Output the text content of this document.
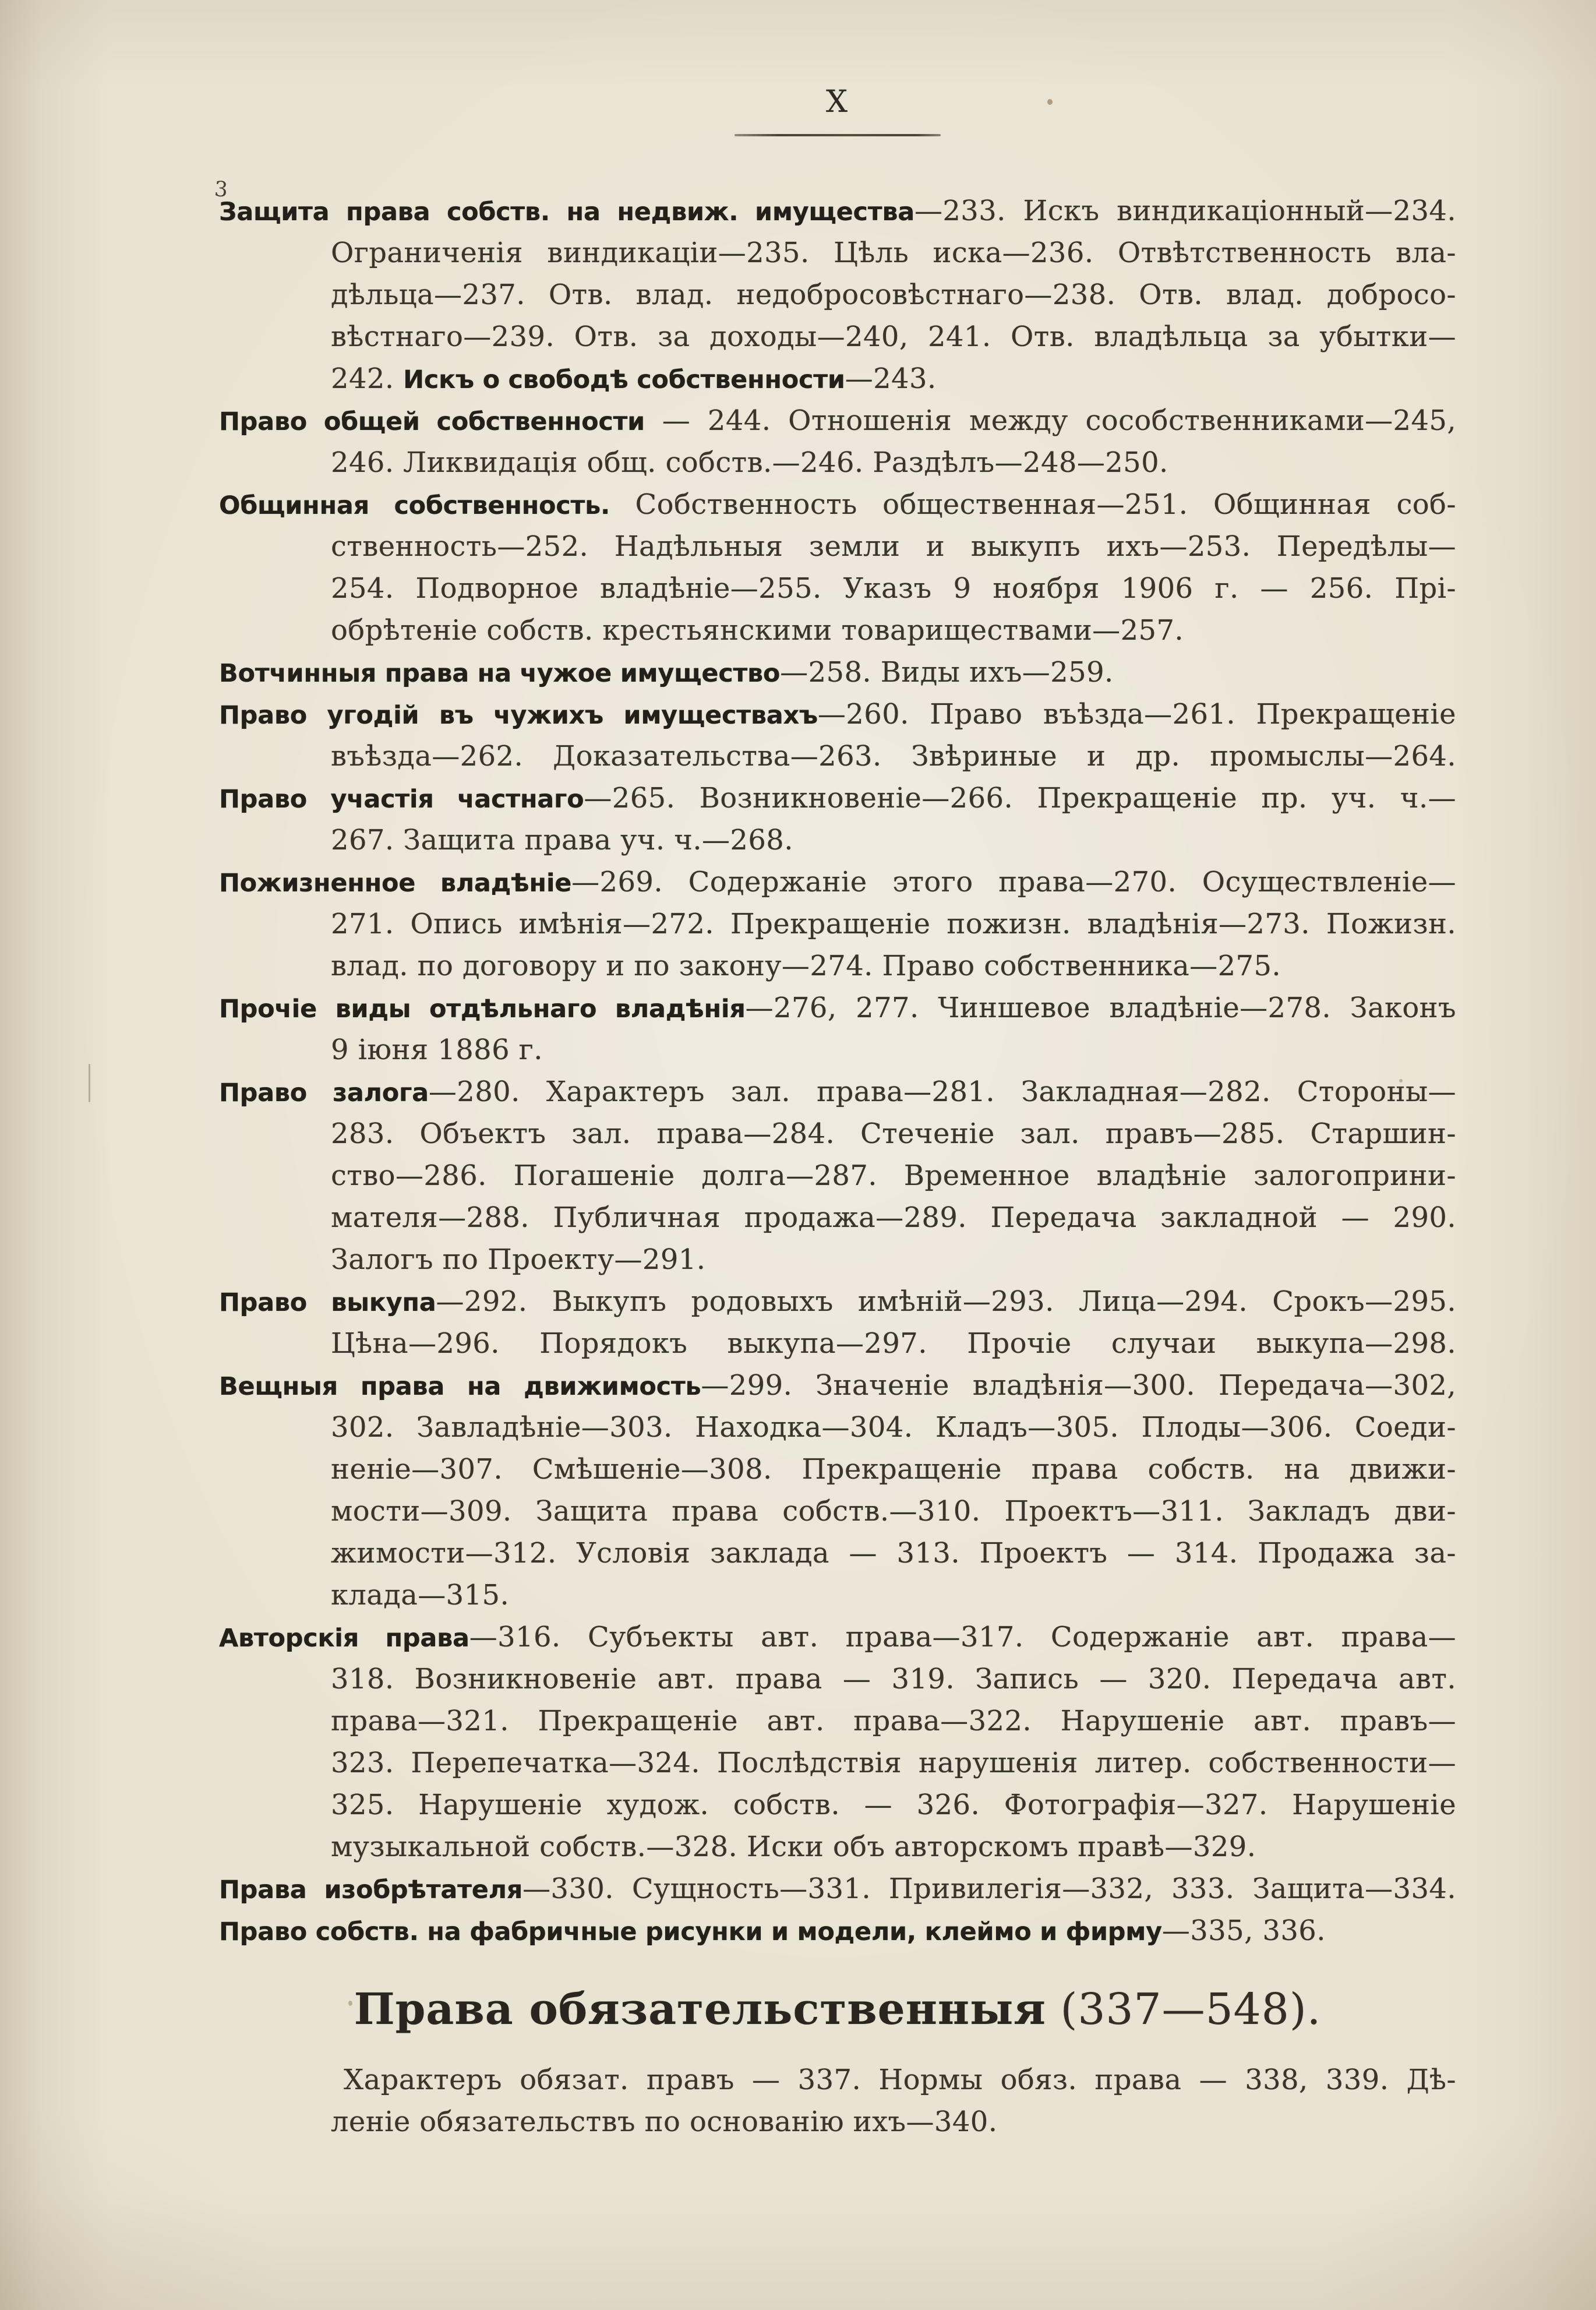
3
X
Защита права собств. на недвиж. имущества—233. Искъ виндикаціонный—234.
Ограниченія виндикаціи—235. Цѣль иска—236. Отвѣтственность вла-
дѣльца—237. Отв. влад. недобросовѣстнаго—238. Отв. влад. добросо-
вѣстнаго—239. Отв. за доходы—240, 241. Отв. владѣльца за убытки—
242. Искъ о свободѣ собственности—243.
Право общей собственности — 244. Отношенія между сособственниками—245,
246. Ликвидація общ. собств.—246. Раздѣлъ—248—250.
Общинная собственность. Собственность общественная—251. Общинная соб-
ственность—252. Надѣльныя земли и выкупъ ихъ—253. Передѣлы—
254. Подворное владѣніе—255. Указъ 9 ноября 1906 г. — 256. Прі-
обрѣтеніе собств. крестьянскими товариществами—257.
Вотчинныя права на чужое имущество—258. Виды ихъ—259.
Право угодій въ чужихъ имуществахъ—260. Право въѣзда—261. Прекращеніе
въѣзда—262. Доказательства—263. Звѣриные и др. промыслы—264.
Право участія частнаго—265. Возникновеніе—266. Прекращеніе пр. уч. ч.—
267. Защита права уч. ч.—268.
Пожизненное владѣніе—269. Содержаніе этого права—270. Осуществленіе—
271. Опись имѣнія—272. Прекращеніе пожизн. владѣнія—273. Пожизн.
влад. по договору и по закону—274. Право собственника—275.
Прочіе виды отдѣльнаго владѣнія—276, 277. Чиншевое владѣніе—278. Законъ
9 іюня 1886 г.
Право залога—280. Характеръ зал. права—281. Закладная—282. Стороны—
283. Объектъ зал. права—284. Стеченіе зал. правъ—285. Старшин-
ство—286. Погашеніе долга—287. Временное владѣніе залогоприни-
мателя—288. Публичная продажа—289. Передача закладной — 290.
Залогъ по Проекту—291.
Право выкупа—292. Выкупъ родовыхъ имѣній—293. Лица—294. Срокъ—295.
Цѣна—296. Порядокъ выкупа—297. Прочіе случаи выкупа—298.
Вещныя права на движимость—299. Значеніе владѣнія—300. Передача—302,
302. Завладѣніе—303. Находка—304. Кладъ—305. Плоды—306. Соеди-
неніе—307. Смѣшеніе—308. Прекращеніе права собств. на движи-
мости—309. Защита права собств.—310. Проектъ—311. Закладъ дви-
жимости—312. Условія заклада — 313. Проектъ — 314. Продажа за-
клада—315.
Авторскія права—316. Субъекты авт. права—317. Содержаніе авт. права—
318. Возникновеніе авт. права — 319. Запись — 320. Передача авт.
права—321. Прекращеніе авт. права—322. Нарушеніе авт. правъ—
323. Перепечатка—324. Послѣдствія нарушенія литер. собственности—
325. Нарушеніе худож. собств. — 326. Фотографія—327. Нарушеніе
музыкальной собств.—328. Иски объ авторскомъ правѣ—329.
Права изобрѣтателя—330. Сущность—331. Привилегія—332, 333. Защита—334.
Право собств. на фабричные рисунки и модели, клеймо и фирму—335, 336.
Права обязательственныя (337—548).
Характеръ обязат. правъ — 337. Нормы обяз. права — 338, 339. Дѣ-
леніе обязательствъ по основанію ихъ—340.
